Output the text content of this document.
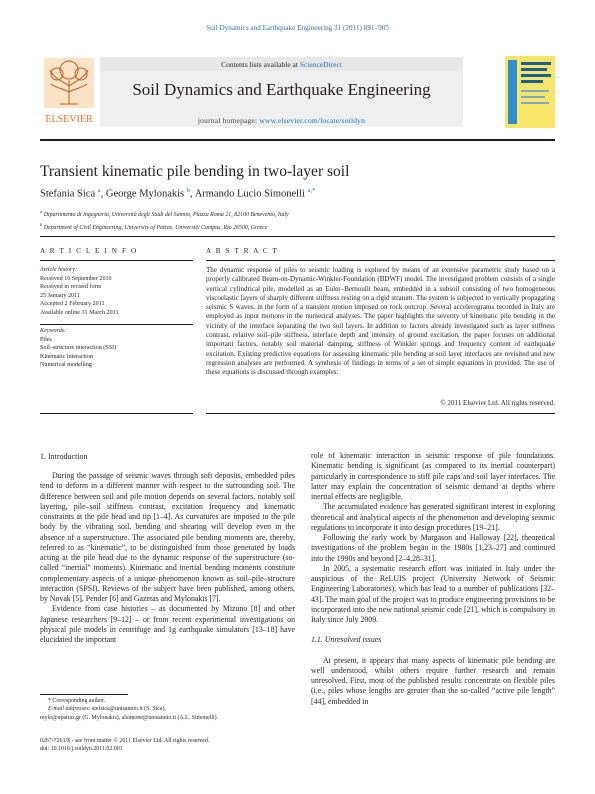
Soil Dynamics and Earthquake Engineering 31 (2011) 891–905
ELSEVIER
Contents lists available at ScienceDirect
Soil Dynamics and Earthquake Engineering
journal homepage: www.elsevier.com/locate/soildyn
Transient kinematic pile bending in two-layer soil
Stefania Sica $^a$, George Mylonakis $^b$, Armando Lucio Simonelli $^{a,*}$
$^a$ Dipartimento di Ingegneria, Università degli Studi del Sannio, Piazza Roma 21, 82100 Benevento, Italy
$^b$ Department of Civil Engineering, University of Patras, University Campus, Rio 26500, Greece
A R T I C L E I N F O
Article history:
Received 16 September 2010
Received in revised form
25 January 2011
Accepted 2 February 2011
Available online 31 March 2011
Keywords:
Piles
Soil–structure interaction (SSI)
Kinematic interaction
Numerical modelling
A B S T R A C T
The dynamic response of piles to seismic loading is explored by means of an extensive parametric study based on a properly calibrated Beam-on-Dynamic-Winkler-Foundation (BDWF) model. The investigated problem consists of a single vertical cylindrical pile, modelled as an Euler–Bernoulli beam, embedded in a subsoil consisting of two homogeneous viscoelastic layers of sharply different stiffness resting on a rigid stratum. The system is subjected to vertically propagating seismic S waves, in the form of a transient motion imposed on rock outcrop. Several accelerograms recorded in Italy are employed as input motions in the numerical analyses. The paper highlights the severity of kinematic pile bending in the vicinity of the interface separating the two soil layers. In addition to factors already investigated such as layer stiffness contrast, relative soil–pile stiffness, interface depth and intensity of ground excitation, the paper focuses on additional important factors, notably soil material damping, stiffness of Winkler springs and frequency content of earthquake excitation. Existing predictive equations for assessing kinematic pile bending at soil layer interfaces are revisited and new regression analyses are performed. A synthesis of findings in terms of a set of simple equations in provided. The use of these equations is discussed through examples.
© 2011 Elsevier Ltd. All rights reserved.
1. Introduction

During the passage of seismic waves through soft deposits, embedded piles tend to deform in a different manner with respect to the surrounding soil. The difference between soil and pile motion depends on several factors, notably soil layering, pile–soil stiffness contrast, excitation frequency and kinematic constraints at the pile head and tip [1–4]. As curvatures are imposed to the pile body by the vibrating soil, bending and shearing will develop even in the absence of a superstructure. The associated pile bending moments are, thereby, referred to as “kinematic”, to be distinguished from those generated by loads acting at the pile head due to the dynamic response of the superstructure (so-called “inertial” moments). Kinematic and inertial bending moments constitute complementary aspects of a unique phenomenon known as soil–pile–structure interaction (SPSI). Reviews of the subject have been published, among others, by Novak [5], Pender [6] and Gazetas and Mylonakis [7].

Evidence from case histories – as documented by Mizuno [8] and other Japanese researchers [9–12] – or from recent experimental investigations on physical pile models in centrifuge and 1g earthquake simulators [13–18] have elucidated the important

role of kinematic interaction in seismic response of pile foundations. Kinematic bending is significant (as compared to its inertial counterpart) particularly in correspondence to stiff pile caps and soil layer interfaces. The latter may explain the concentration of seismic demand at depths where inertial effects are negligible.

The accumulated evidence has generated significant interest in exploring theoretical and analytical aspects of the phenomenon and developing seismic regulations to incorporate it into design procedures [19–21].

Following the early work by Margason and Halloway [22], theoretical investigations of the problem began in the 1980s [1,23–27] and continued into the 1990s and beyond [2–4,28–31].

In 2005, a systematic research effort was initiated in Italy under the auspicious of the ReLUIS project (University Network of Seismic Engineering Laboratories), which has lead to a number of publications [32–43]. The main goal of the project was to produce engineering provisions to be incorporated into the new national seismic code [21], which is compulsory in Italy since July 2009.

1.1. Unresolved issues

At present, it appears that many aspects of kinematic pile bending are well understood, whilst others require further research and remain unresolved. First, most of the published results concentrate on flexible piles (i.e., piles whose lengths are greater than the so-called “active pile length” [44], embedded in

* Corresponding author.
E-mail addresses: stefsica@unisannio.it (S. Sica),
mylo@upatras.gr (G. Mylonakis), alsimone@unisannio.it (A.L. Simonelli).
0267-7261/$ - see front matter © 2011 Elsevier Ltd. All rights reserved.
doi: 10.1016/j.soildyn.2011.02.001
